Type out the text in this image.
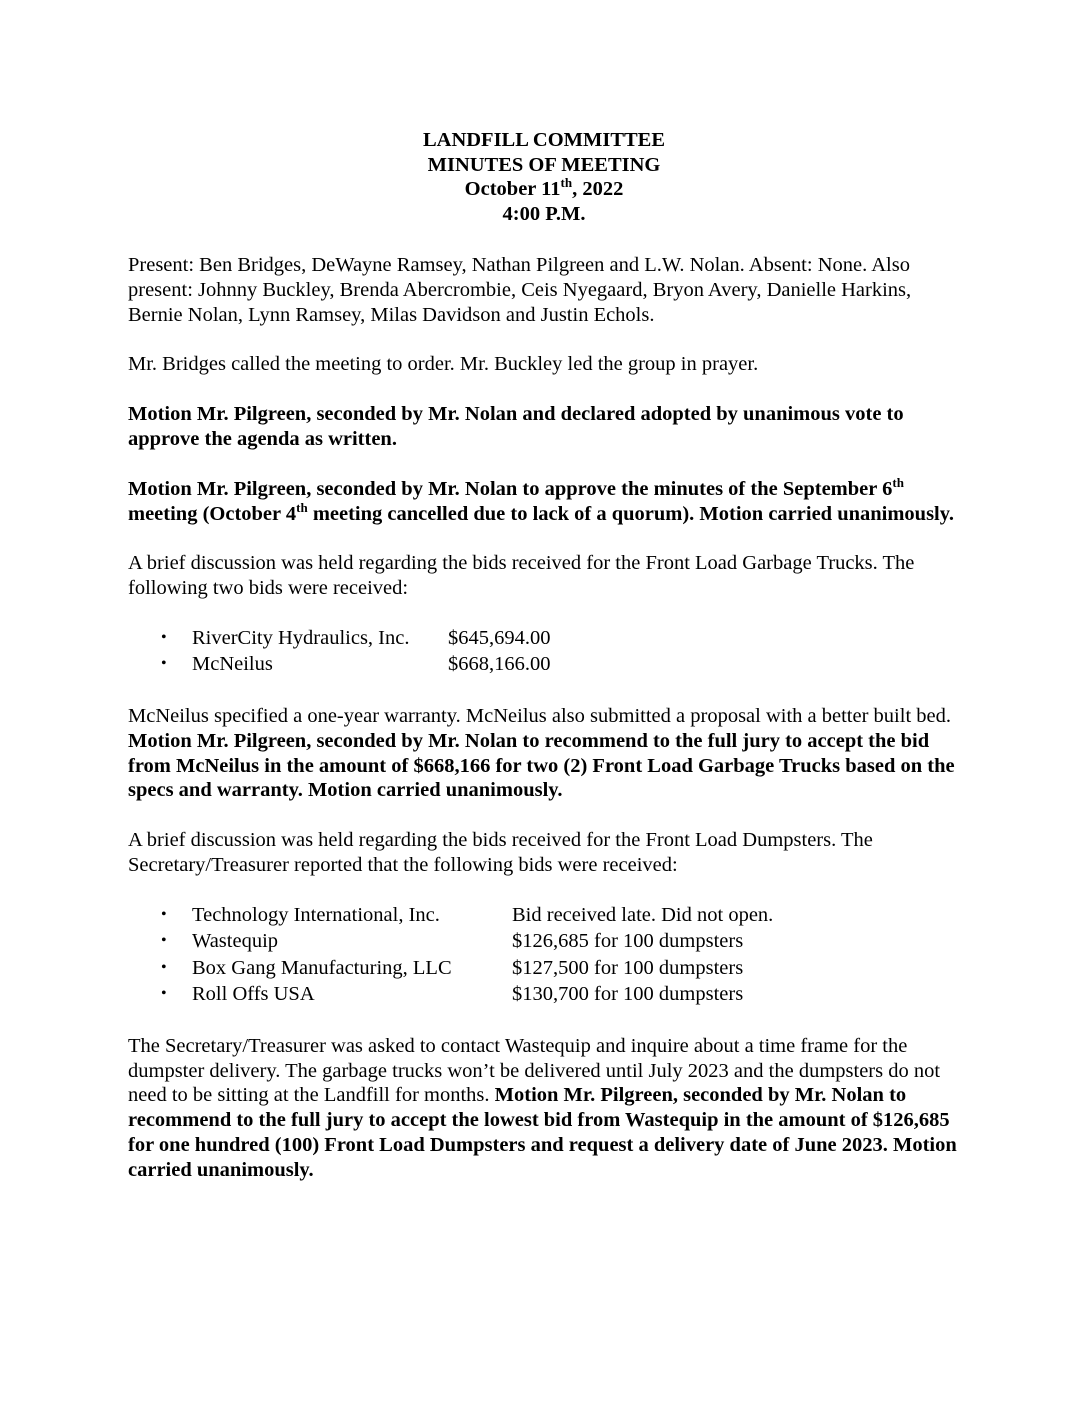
LANDFILL COMMITTEE
MINUTES OF MEETING
October 11th, 2022
4:00 P.M.

Present: Ben Bridges, DeWayne Ramsey, Nathan Pilgreen and L.W. Nolan. Absent: None. Also present: Johnny Buckley, Brenda Abercrombie, Ceis Nyegaard, Bryon Avery, Danielle Harkins, Bernie Nolan, Lynn Ramsey, Milas Davidson and Justin Echols.

Mr. Bridges called the meeting to order. Mr. Buckley led the group in prayer.

Motion Mr. Pilgreen, seconded by Mr. Nolan and declared adopted by unanimous vote to approve the agenda as written.

Motion Mr. Pilgreen, seconded by Mr. Nolan to approve the minutes of the September 6th meeting (October 4th meeting cancelled due to lack of a quorum). Motion carried unanimously.

A brief discussion was held regarding the bids received for the Front Load Garbage Trucks. The following two bids were received:

• RiverCity Hydraulics, Inc. $645,694.00
• McNeilus	$668,166.00

McNeilus specified a one-year warranty. McNeilus also submitted a proposal with a better built bed. Motion Mr. Pilgreen, seconded by Mr. Nolan to recommend to the full jury to accept the bid from McNeilus in the amount of $668,166 for two (2) Front Load Garbage Trucks based on the specs and warranty. Motion carried unanimously.

A brief discussion was held regarding the bids received for the Front Load Dumpsters. The Secretary/Treasurer reported that the following bids were received:

• Technology International, Inc.	Bid received late. Did not open.
• Wastequip	$126,685 for 100 dumpsters
• Box Gang Manufacturing, LLC	$127,500 for 100 dumpsters
• Roll Offs USA	$130,700 for 100 dumpsters

The Secretary/Treasurer was asked to contact Wastequip and inquire about a time frame for the dumpster delivery. The garbage trucks won’t be delivered until July 2023 and the dumpsters do not need to be sitting at the Landfill for months. Motion Mr. Pilgreen, seconded by Mr. Nolan to recommend to the full jury to accept the lowest bid from Wastequip in the amount of $126,685 for one hundred (100) Front Load Dumpsters and request a delivery date of June 2023. Motion carried unanimously.
